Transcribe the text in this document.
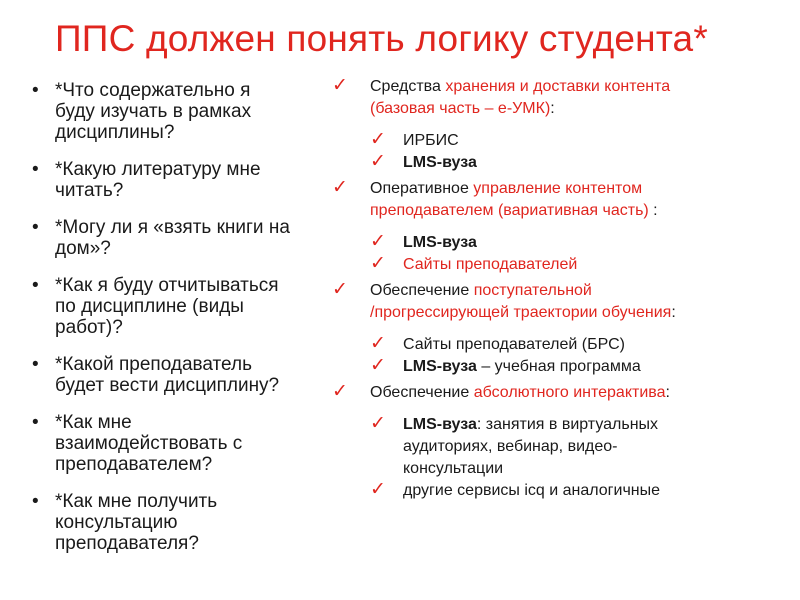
ППС должен понять логику студента*
• *Что содержательно я
буду изучать в рамках
дисциплины?
• *Какую литературу мне
читать?
• *Могу ли я «взять книги на
дом»?
• *Как я буду отчитываться
по дисциплине (виды
работ)?
• *Какой преподаватель
будет вести дисциплину?
• *Как мне
взаимодействовать с
преподавателем?
• *Как мне получить
консультацию
преподавателя?
✓ Средства хранения и доставки контента
(базовая часть – е-УМК):
✓ ИРБИС
✓ LMS-вуза
✓ Оперативное управление контентом
преподавателем (вариативная часть) :
✓ LMS-вуза
✓ Сайты преподавателей
✓ Обеспечение поступательной
/прогрессирующей траектории обучения:
✓ Сайты преподавателей (БРС)
✓ LMS-вуза – учебная программа
✓ Обеспечение абсолютного интерактива:
✓ LMS-вуза: занятия в виртуальных
аудиториях, вебинар, видео-
консультации
✓ другие сервисы icq и аналогичные
